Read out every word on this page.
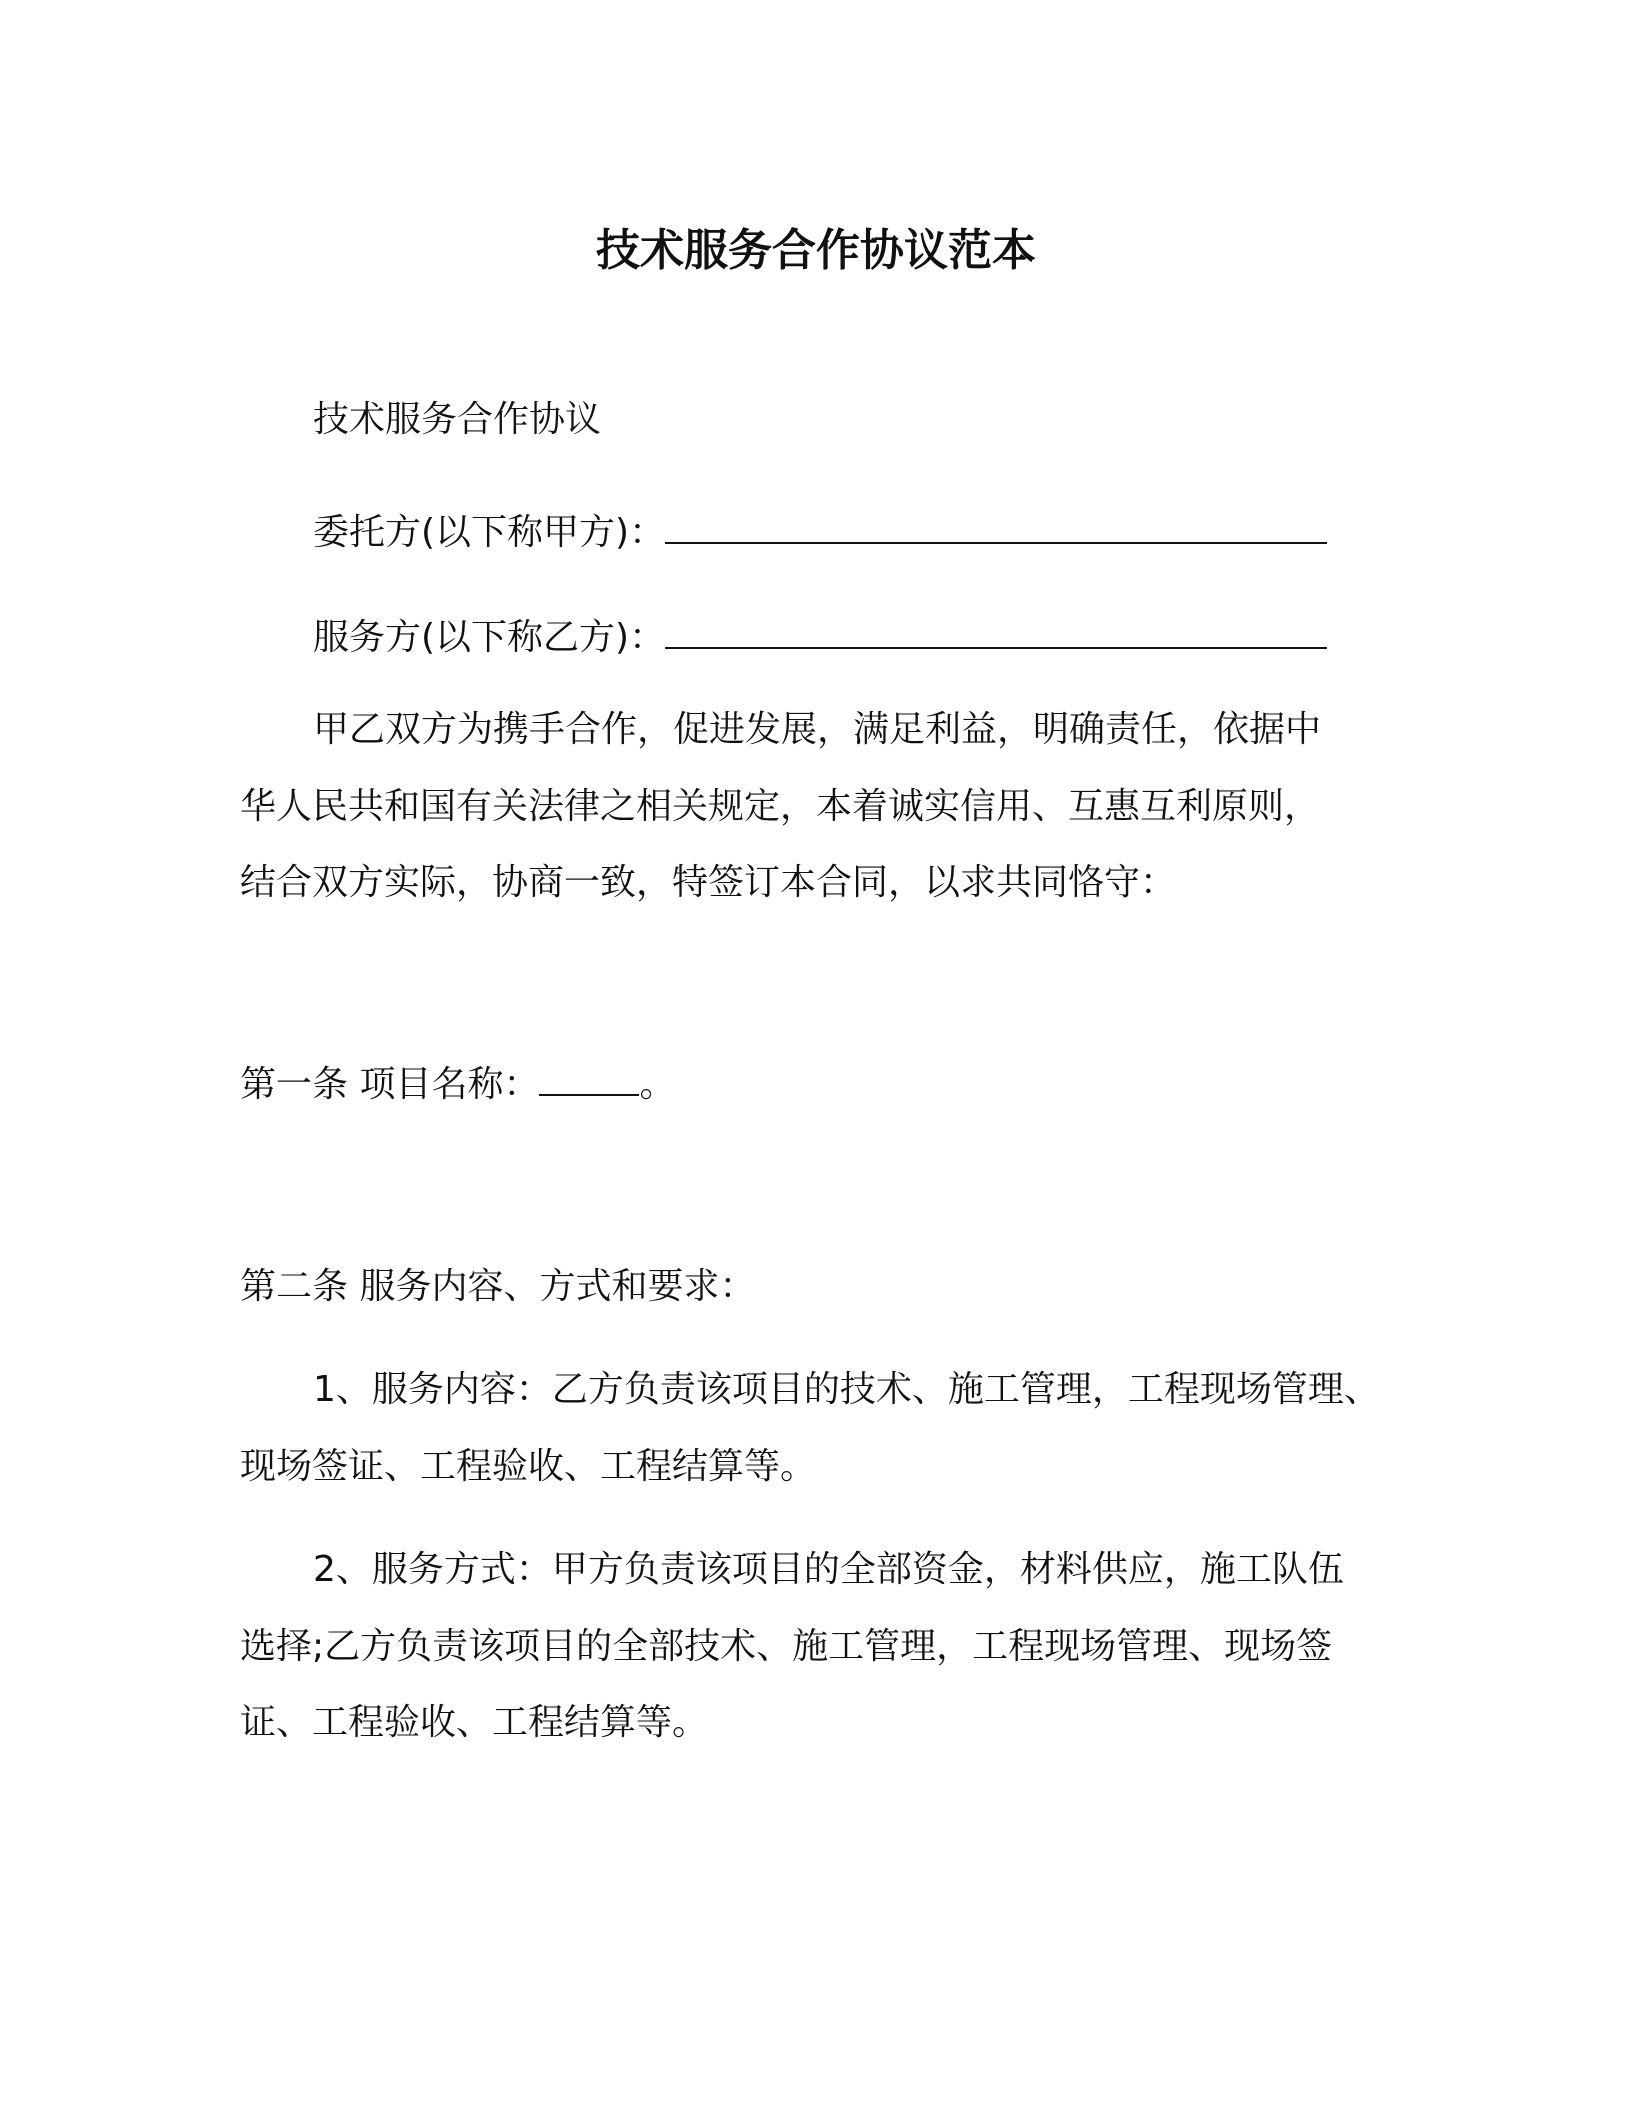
技术服务合作协议范本
技术服务合作协议
委托方(以下称甲方)：
服务方(以下称乙方)：
甲乙双方为携手合作，促进发展，满足利益，明确责任，依据中
华人民共和国有关法律之相关规定，本着诚实信用、互惠互利原则，
结合双方实际，协商一致，特签订本合同，以求共同恪守：
第一条 项目名称：	。
第二条 服务内容、方式和要求：
1、服务内容：乙方负责该项目的技术、施工管理，工程现场管理、
现场签证、工程验收、工程结算等。
2、服务方式：甲方负责该项目的全部资金，材料供应，施工队伍
选择;乙方负责该项目的全部技术、施工管理，工程现场管理、现场签
证、工程验收、工程结算等。
